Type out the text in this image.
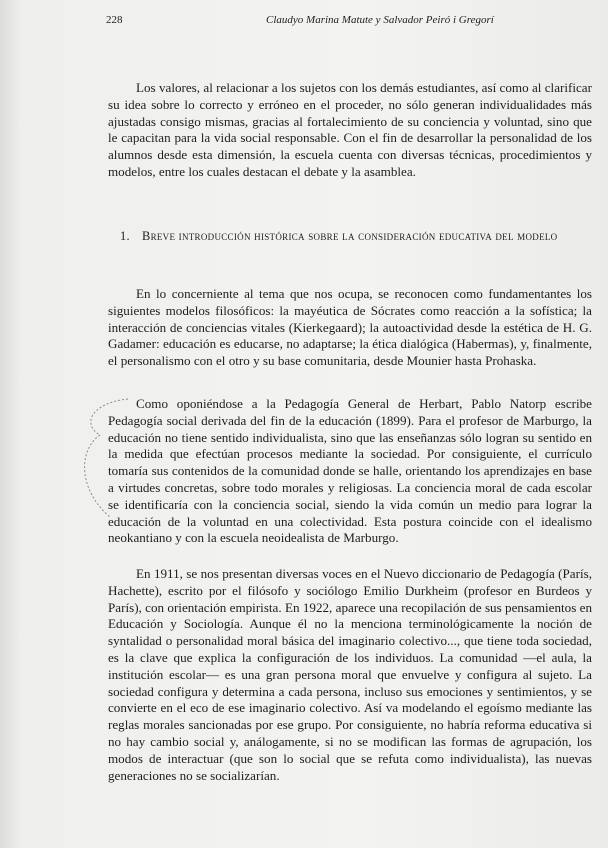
228	Claudyo Marina Matute y Salvador Peiró i Gregorí

Los valores, al relacionar a los sujetos con los demás estudiantes, así como al clarificar su idea sobre lo correcto y erróneo en el proceder, no sólo generan individualidades más ajustadas consigo mismas, gracias al fortalecimiento de su conciencia y voluntad, sino que le capacitan para la vida social responsable. Con el fin de desarrollar la personalidad de los alumnos desde esta dimensión, la escuela cuenta con diversas técnicas, procedimientos y modelos, entre los cuales destacan el debate y la asamblea.

1. Breve introducción histórica sobre la consideración educativa del modelo

En lo concerniente al tema que nos ocupa, se reconocen como fundamentantes los siguientes modelos filosóficos: la mayéutica de Sócrates como reacción a la sofística; la interacción de conciencias vitales (Kierkegaard); la autoactividad desde la estética de H. G. Gadamer: educación es educarse, no adaptarse; la ética dialógica (Habermas), y, finalmente, el personalismo con el otro y su base comunitaria, desde Mounier hasta Prohaska.

Como oponiéndose a la Pedagogía General de Herbart, Pablo Natorp escribe Pedagogía social derivada del fin de la educación (1899). Para el profesor de Marburgo, la educación no tiene sentido individualista, sino que las enseñanzas sólo logran su sentido en la medida que efectúan procesos mediante la sociedad. Por consiguiente, el currículo tomaría sus contenidos de la comunidad donde se halle, orientando los aprendizajes en base a virtudes concretas, sobre todo morales y religiosas. La conciencia moral de cada escolar se identificaría con la conciencia social, siendo la vida común un medio para lograr la educación de la voluntad en una colectividad. Esta postura coincide con el idealismo neokantiano y con la escuela neoidealista de Marburgo.

En 1911, se nos presentan diversas voces en el Nuevo diccionario de Pedagogía (París, Hachette), escrito por el filósofo y sociólogo Emilio Durkheim (profesor en Burdeos y París), con orientación empirista. En 1922, aparece una recopilación de sus pensamientos en Educación y Sociología. Aunque él no la menciona terminológicamente la noción de syntalidad o personalidad moral básica del imaginario colectivo..., que tiene toda sociedad, es la clave que explica la configuración de los individuos. La comunidad —el aula, la institución escolar— es una gran persona moral que envuelve y configura al sujeto. La sociedad configura y determina a cada persona, incluso sus emociones y sentimientos, y se convierte en el eco de ese imaginario colectivo. Así va modelando el egoísmo mediante las reglas morales sancionadas por ese grupo. Por consiguiente, no habría reforma educativa si no hay cambio social y, análogamente, si no se modifican las formas de agrupación, los modos de interactuar (que son lo social que se refuta como individualista), las nuevas generaciones no se socializarían.
